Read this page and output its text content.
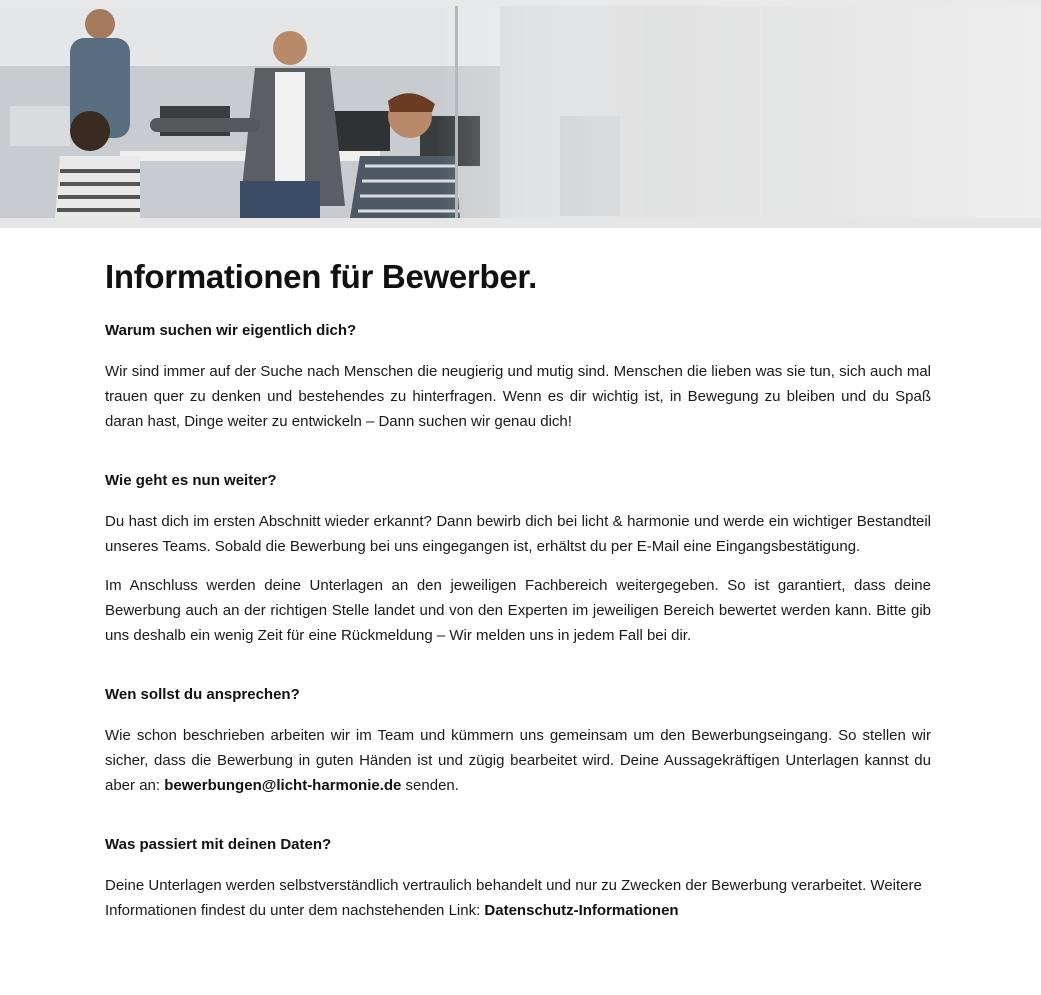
Informationen für Bewerber.
Warum suchen wir eigentlich dich?

Wir sind immer auf der Suche nach Menschen die neugierig und mutig sind. Menschen die lieben was sie tun, sich auch mal trauen quer zu denken und bestehendes zu hinterfragen. Wenn es dir wichtig ist, in Bewegung zu bleiben und du Spaß daran hast, Dinge weiter zu entwickeln – Dann suchen wir genau dich!

Wie geht es nun weiter?

Du hast dich im ersten Abschnitt wieder erkannt? Dann bewirb dich bei licht & harmonie und werde ein wichtiger Bestandteil unseres Teams. Sobald die Bewerbung bei uns eingegangen ist, erhältst du per E-Mail eine Eingangsbestätigung.

Im Anschluss werden deine Unterlagen an den jeweiligen Fachbereich weitergegeben. So ist garantiert, dass deine Bewerbung auch an der richtigen Stelle landet und von den Experten im jeweiligen Bereich bewertet werden kann. Bitte gib uns deshalb ein wenig Zeit für eine Rückmeldung – Wir melden uns in jedem Fall bei dir.

Wen sollst du ansprechen?

Wie schon beschrieben arbeiten wir im Team und kümmern uns gemeinsam um den Bewerbungseingang. So stellen wir sicher, dass die Bewerbung in guten Händen ist und zügig bearbeitet wird. Deine Aussagekräftigen Unterlagen kannst du aber an: bewerbungen@licht-harmonie.de senden.

Was passiert mit deinen Daten?

Deine Unterlagen werden selbstverständlich vertraulich behandelt und nur zu Zwecken der Bewerbung verarbeitet. Weitere Informationen findest du unter dem nachstehenden Link: Datenschutz-Informationen
